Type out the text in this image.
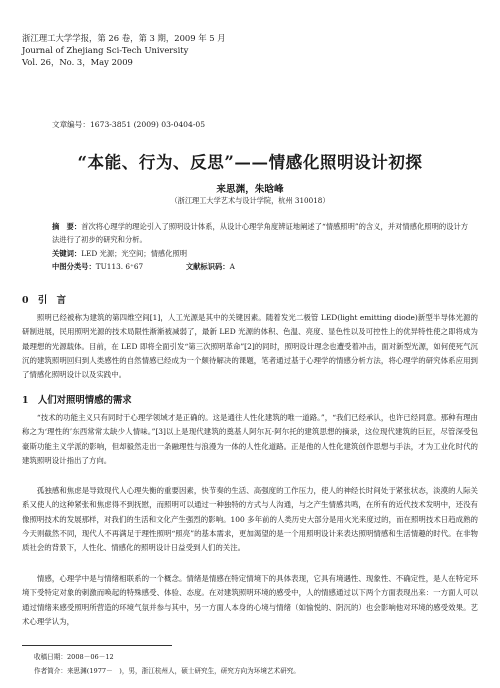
浙江理工大学学报，第 26 卷，第 3 期，2009 年 5 月
Journal of Zhejiang Sci-Tech University
Vol. 26，No. 3，May 2009
文章编号：1673-3851 (2009) 03-0404-05
“本能、行为、反思”——情感化照明设计初探
来思渊，朱晗峰
（浙江理工大学艺术与设计学院，杭州 310018）
摘　要：首次将心理学的理论引入了照明设计体系，从设计心理学角度辨证地阐述了“情感照明”的含义，并对情感化照明的设计方法进行了初步的研究和分析。
关键词：LED 光源；光空间；情感化照明
中图分类号：TU113. 6⁺67	文献标识码：A
0　引　言
照明已经被称为建筑的第四维空间[1]，人工光源是其中的关键因素。随着发光二极管 LED(light emitting diode)新型半导体光源的研制进展，民用照明光源的技术局限性渐渐被减弱了，最新 LED 光源的体积、色温、亮度、显色性以及可控性上的优异特性使之即将成为最理想的光源载体。目前，在 LED 即将全面引发“第三次照明革命”[2]的同时，照明设计理念也遭受着冲击，面对新型光源，如何使死气沉沉的建筑照明回归到人类感性的自然情感已经成为一个颇待解决的课题，笔者通过基于心理学的情感分析方法，将心理学的研究体系应用到了情感化照明设计以及实践中。
1　人们对照明情感的需求
“技术的功能主义只有同时于心理学领域才是正确的。这是通往人性化建筑的唯一道路。”，“我们已经承认，也许已经同意。那种有理由称之为‘理性的’东西常常太缺少人情味。”[3]以上是现代建筑的奠基人阿尔瓦·阿尔托的建筑思想的摘录，这位现代建筑的巨匠，尽管深受包豪斯功能主义学派的影响，但却毅然走出一条融理性与浪漫为一体的人性化道路。正是他的人性化建筑创作思想与手法，才为工业化时代的建筑照明设计指出了方向。
孤独感和焦虑是导致现代人心理失衡的重要因素，快节奏的生活、高强度的工作压力，使人的神经长时间处于紧张状态，淡漠的人际关系又使人的这种紧张和焦虑得不到抚慰，而照明可以通过一种独特的方式与人沟通，与之产生情感共鸣，在所有的近代技术发明中，还没有像照明技术的发展那样，对我们的生活和文化产生强烈的影响。100 多年前的人类历史大部分是用火光来度过的，而在照明技术日趋成熟的今天则截然不同，现代人不再满足于理性照明“照亮”的基本需求，更加渴望的是一个用照明设计来表达照明情感和生活情趣的时代。在非物质社会的背景下，人性化、情感化的照明设计日益受到人们的关注。
情感，心理学中是与情绪相联系的一个概念。情绪是情感在特定情境下的具体表现，它具有境遇性、现象性、不确定性，是人在特定环境下受特定对象的刺激而唤起的特殊感受、体验、态度。在对建筑照明环境的感受中，人的情感通过以下两个方面表现出来：一方面人可以通过情绪来感受照明所营造的环境气氛并参与其中，另一方面人本身的心境与情绪（如愉悦的、阴沉的）也会影响他对环境的感受效果。艺术心理学认为，
收稿日期：2008－06－12
作者简介：来思渊(1977－　)，男，浙江杭州人，硕士研究生，研究方向为环境艺术研究。
